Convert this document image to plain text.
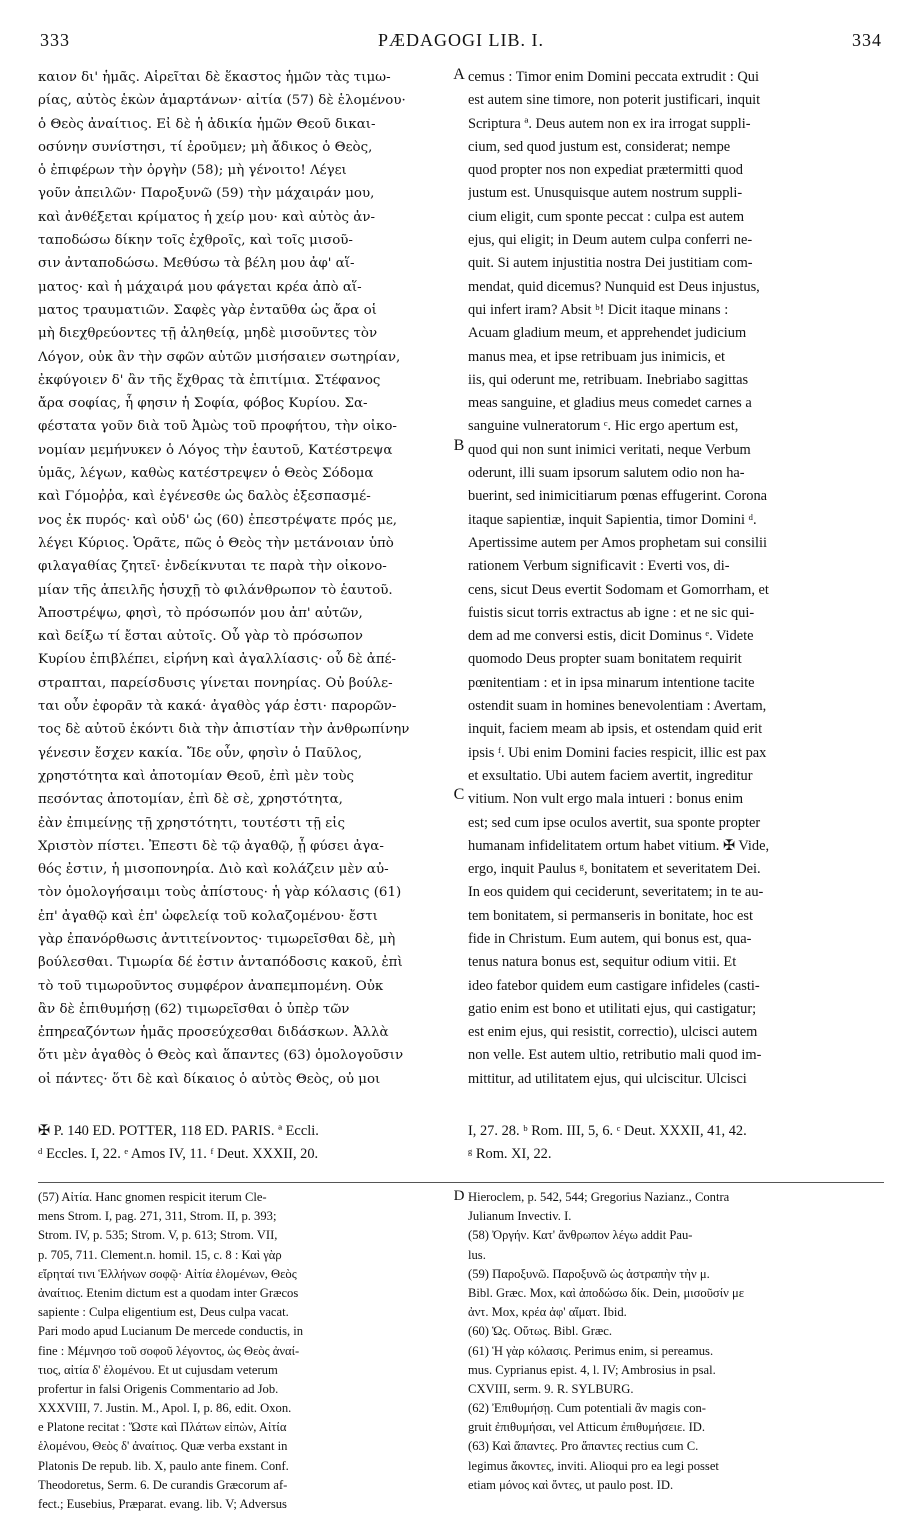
PÆDAGOGI LIB. I.
333	334
καιον δι' ἡμᾶς. Αἱρεῖται δὲ ἕκαστος ἡμῶν τὰς τιμω-
ρίας, αὐτὸς ἑκὼν ἁμαρτάνων· αἰτία (57) δὲ ἑλομένου·
ὁ Θεὸς ἀναίτιος. Εἰ δὲ ἡ ἀδικία ἡμῶν Θεοῦ δικαι-
οσύνην συνίστησι, τί ἐροῦμεν; μὴ ἄδικος ὁ Θεὸς,
ὁ ἐπιφέρων τὴν ὀργὴν (58); μὴ γένοιτο! Λέγει
γοῦν ἀπειλῶν· Παροξυνῶ (59) τὴν μάχαιράν μου,
καὶ ἀνθέξεται κρίματος ἡ χείρ μου· καὶ αὐτὸς ἀν-
ταποδώσω δίκην τοῖς ἐχθροῖς, καὶ τοῖς μισοῦ-
σιν ἀνταποδώσω. Μεθύσω τὰ βέλη μου ἀφ' αἵ-
ματος· καὶ ἡ μάχαιρά μου φάγεται κρέα ἀπὸ αἵ-
ματος τραυματιῶν. Σαφὲς γὰρ ἐνταῦθα ὡς ἄρα οἱ
μὴ διεχθρεύοντες τῇ ἀληθείᾳ, μηδὲ μισοῦντες τὸν
Λόγον, οὐκ ἂν τὴν σφῶν αὐτῶν μισήσαιεν σωτηρίαν,
ἐκφύγοιεν δ' ἂν τῆς ἔχθρας τὰ ἐπιτίμια. Στέφανος
ἄρα σοφίας, ἧ φησιν ἡ Σοφία, φόβος Κυρίου. Σα-
φέστατα γοῦν διὰ τοῦ Ἀμὼς τοῦ προφήτου, τὴν οἰκο-
νομίαν μεμήνυκεν ὁ Λόγος τὴν ἑαυτοῦ, Κατέστρεψα
ὑμᾶς, λέγων, καθὼς κατέστρεψεν ὁ Θεὸς Σόδομα
καὶ Γόμοῤῥα, καὶ ἐγένεσθε ὡς δαλὸς ἐξεσπασμέ-
νος ἐκ πυρός· καὶ οὐδ' ὡς (60) ἐπεστρέψατε πρός με,
λέγει Κύριος. Ὁρᾶτε, πῶς ὁ Θεὸς τὴν μετάνοιαν ὑπὸ
φιλαγαθίας ζητεῖ· ἐνδείκνυται τε παρὰ τὴν οἰκονο-
μίαν τῆς ἀπειλῆς ἡσυχῇ τὸ φιλάνθρωπον τὸ ἑαυτοῦ.
Ἀποστρέψω, φησὶ, τὸ πρόσωπόν μου ἀπ' αὐτῶν,
καὶ δείξω τί ἔσται αὐτοῖς. Οὗ γὰρ τὸ πρόσωπον
Κυρίου ἐπιβλέπει, εἰρήνη καὶ ἀγαλλίασις· οὗ δὲ ἀπέ-
στραπται, παρείσδυσις γίνεται πονηρίας. Οὐ βούλε-
ται οὖν ἐφορᾶν τὰ κακά· ἀγαθὸς γάρ ἐστι· παρορῶν-
τος δὲ αὐτοῦ ἑκόντι διὰ τὴν ἀπιστίαν τὴν ἀνθρωπίνην
γένεσιν ἔσχεν κακία. Ἴδε οὖν, φησὶν ὁ Παῦλος,
χρηστότητα καὶ ἀποτομίαν Θεοῦ, ἐπὶ μὲν τοὺς
πεσόντας ἀποτομίαν, ἐπὶ δὲ σὲ, χρηστότητα,
ἐὰν ἐπιμείνῃς τῇ χρηστότητι, τουτέστι τῇ εἰς
Χριστὸν πίστει. Ἐπεστι δὲ τῷ ἀγαθῷ, ᾗ φύσει ἀγα-
θός ἐστιν, ἡ μισοπονηρία. Διὸ καὶ κολάζειν μὲν αὐ-
τὸν ὁμολογήσαιμι τοὺς ἀπίστους· ἡ γὰρ κόλασις (61)
ἐπ' ἀγαθῷ καὶ ἐπ' ὠφελείᾳ τοῦ κολαζομένου· ἔστι
γὰρ ἐπανόρθωσις ἀντιτείνοντος· τιμωρεῖσθαι δὲ, μὴ
βούλεσθαι. Τιμωρία δέ ἐστιν ἀνταπόδοσις κακοῦ, ἐπὶ
τὸ τοῦ τιμωροῦντος συμφέρον ἀναπεμπομένη. Οὐκ
ἂν δὲ ἐπιθυμήσῃ (62) τιμωρεῖσθαι ὁ ὑπὲρ τῶν
ἐπηρεαζόντων ἡμᾶς προσεύχεσθαι διδάσκων. Ἀλλὰ
ὅτι μὲν ἀγαθὸς ὁ Θεὸς καὶ ἅπαντες (63) ὁμολογοῦσιν
οἱ πάντες· ὅτι δὲ καὶ δίκαιος ὁ αὐτὸς Θεὸς, οὐ μοι
A
B
C
cemus : Timor enim Domini peccata extrudit : Qui
est autem sine timore, non poterit justificari, inquit
Scriptura ª. Deus autem non ex ira irrogat suppli-
cium, sed quod justum est, considerat; nempe
quod propter nos non expediat prætermitti quod
justum est. Unusquisque autem nostrum suppli-
cium eligit, cum sponte peccat : culpa est autem
ejus, qui eligit; in Deum autem culpa conferri ne-
quit. Si autem injustitia nostra Dei justitiam com-
mendat, quid dicemus? Nunquid est Deus injustus,
qui infert iram? Absit ᵇ! Dicit itaque minans :
Acuam gladium meum, et apprehendet judicium
manus mea, et ipse retribuam jus inimicis, et
iis, qui oderunt me, retribuam. Inebriabo sagittas
meas sanguine, et gladius meus comedet carnes a
sanguine vulneratorum ᶜ. Hic ergo apertum est,
quod qui non sunt inimici veritati, neque Verbum
oderunt, illi suam ipsorum salutem odio non ha-
buerint, sed inimicitiarum pœnas effugerint. Corona
itaque sapientiæ, inquit Sapientia, timor Domini ᵈ.
Apertissime autem per Amos prophetam sui consilii
rationem Verbum significavit : Everti vos, di-
cens, sicut Deus evertit Sodomam et Gomorrham, et
fuistis sicut torris extractus ab igne : et ne sic qui-
dem ad me conversi estis, dicit Dominus ᵉ. Videte
quomodo Deus propter suam bonitatem requirit
pœnitentiam : et in ipsa minarum intentione tacite
ostendit suam in homines benevolentiam : Avertam,
inquit, faciem meam ab ipsis, et ostendam quid erit
ipsis ᶠ. Ubi enim Domini facies respicit, illic est pax
et exsultatio. Ubi autem faciem avertit, ingreditur
vitium. Non vult ergo mala intueri : bonus enim
est; sed cum ipse oculos avertit, sua sponte propter
humanam infidelitatem ortum habet vitium. ✠ Vide,
ergo, inquit Paulus ᵍ, bonitatem et severitatem Dei.
In eos quidem qui ceciderunt, severitatem; in te au-
tem bonitatem, si permanseris in bonitate, hoc est
fide in Christum. Eum autem, qui bonus est, qua-
tenus natura bonus est, sequitur odium vitii. Et
ideo fatebor quidem eum castigare infideles (casti-
gatio enim est bono et utilitati ejus, qui castigatur;
est enim ejus, qui resistit, correctio), ulcisci autem
non velle. Est autem ultio, retributio mali quod im-
mittitur, ad utilitatem ejus, qui ulciscitur. Ulcisci
✠ P. 140 ED. POTTER, 118 ED. PARIS. ª Eccli.
ᵈ Eccles. I, 22. ᵉ Amos IV, 11. ᶠ Deut. XXXII, 20.
I, 27. 28. ᵇ Rom. III, 5, 6. ᶜ Deut. XXXII, 41, 42.
ᵍ Rom. XI, 22.
(57) Αἰτία. Hanc gnomen respicit iterum Cle-
mens Strom. I, pag. 271, 311, Strom. II, p. 393;
Strom. IV, p. 535; Strom. V, p. 613; Strom. VII,
p. 705, 711. Clement.n. homil. 15, c. 8 : Καὶ γὰρ
εἴρηταί τινι Ἑλλήνων σοφῷ· Αἰτία ἑλομένων, Θεὸς
ἀναίτιος. Etenim dictum est a quodam inter Græcos
sapiente : Culpa eligentium est, Deus culpa vacat.
Pari modo apud Lucianum De mercede conductis, in
fine : Μέμνησο τοῦ σοφοῦ λέγοντος, ὡς Θεὸς ἀναί-
τιος, αἰτία δ' ἑλομένου. Et ut cujusdam veterum
profertur in falsi Origenis Commentario ad Job.
XXXVIII, 7. Justin. M., Apol. I, p. 86, edit. Oxon.
e Platone recitat : Ὥστε καὶ Πλάτων εἰπὼν, Αἰτία
ἑλομένου, Θεὸς δ' ἀναίτιος. Quæ verba exstant in
Platonis De repub. lib. X, paulo ante finem. Conf.
Theodoretus, Serm. 6. De curandis Græcorum af-
fect.; Eusebius, Præparat. evang. lib. V; Adversus
D Hieroclem, p. 542, 544; Gregorius Nazianz., Contra
Julianum Invectiv. I.
(58) Ὀργήν. Κατ' ἄνθρωπον λέγω addit Pau-
lus.
(59) Παροξυνῶ. Παροξυνῶ ὡς ἀστραπὴν τὴν μ.
Bibl. Græc. Mox, καὶ ἀποδώσω δίκ. Dein, μισοῦσίν με
ἀντ. Mox, κρέα ἀφ' αἵματ. Ibid.
(60) Ὡς. Οὕτως. Bibl. Græc.
(61) Ἡ γὰρ κόλασις. Perimus enim, si pereamus.
mus. Cyprianus epist. 4, l. IV; Ambrosius in psal.
CXVIII, serm. 9. R. SYLBURG.
(62) Ἐπιθυμήσῃ. Cum potentiali ἂν magis con-
gruit ἐπιθυμήσαι, vel Atticum ἐπιθυμήσειε. ID.
(63) Καὶ ἅπαντες. Pro ἅπαντες rectius cum C.
legimus ἄκοντες, inviti. Alioqui pro ea legi posset
etiam μόνος καὶ ὄντες, ut paulo post. ID.
